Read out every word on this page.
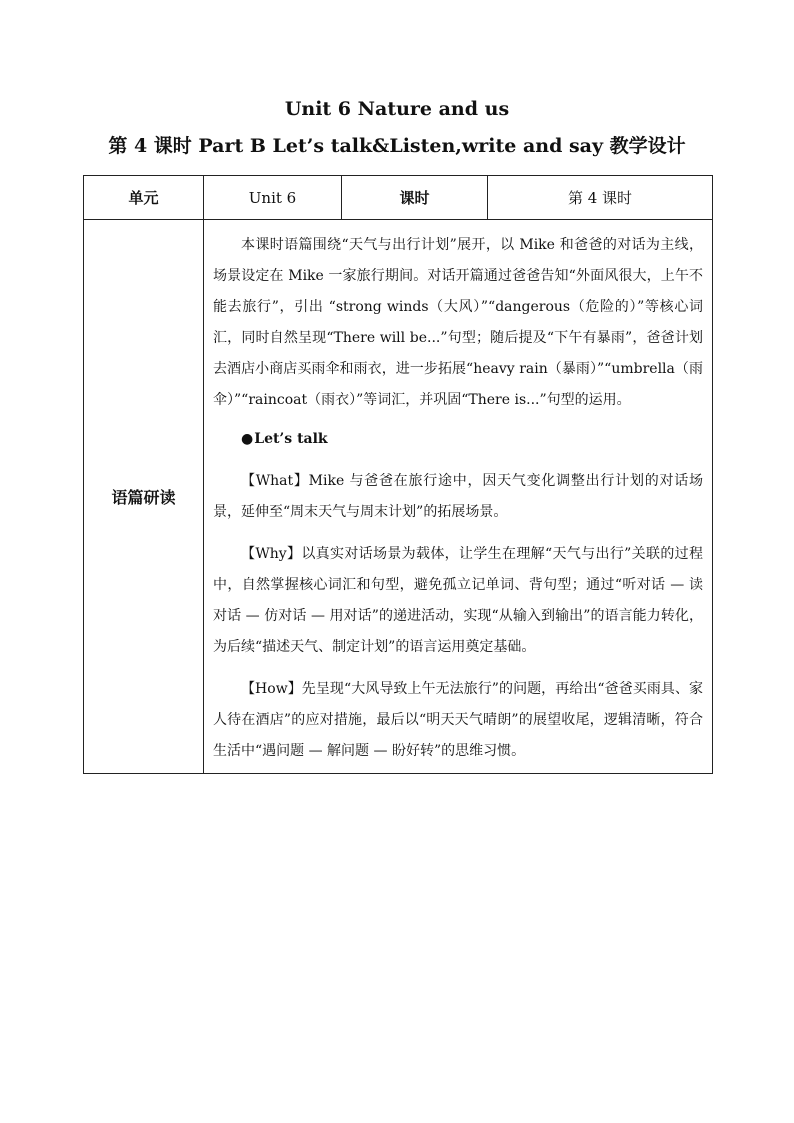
Unit 6 Nature and us
第 4 课时 Part B Let’s talk&Listen,write and say 教学设计
单元	Unit 6	课时	第 4 课时
语篇研读	本课时语篇围绕“天气与出行计划”展开，以 Mike 和爸爸的对话为主线，场景设定在 Mike 一家旅行期间。对话开篇通过爸爸告知“外面风很大，上午不能去旅行”，引出 “strong winds（大风）”“dangerous（危险的）”等核心词汇，同时自然呈现“There will be...”句型；随后提及“下午有暴雨”，爸爸计划去酒店小商店买雨伞和雨衣，进一步拓展“heavy rain（暴雨）”“umbrella（雨伞）”“raincoat（雨衣）”等词汇，并巩固“There is...”句型的运用。

●Let’s talk

【What】Mike 与爸爸在旅行途中，因天气变化调整出行计划的对话场景，延伸至“周末天气与周末计划”的拓展场景。

【Why】以真实对话场景为载体，让学生在理解“天气与出行”关联的过程中，自然掌握核心词汇和句型，避免孤立记单词、背句型；通过“听对话 — 读对话 — 仿对话 — 用对话”的递进活动，实现“从输入到输出”的语言能力转化，为后续“描述天气、制定计划”的语言运用奠定基础。

【How】先呈现“大风导致上午无法旅行”的问题，再给出“爸爸买雨具、家人待在酒店”的应对措施，最后以“明天天气晴朗”的展望收尾，逻辑清晰，符合生活中“遇问题 — 解问题 — 盼好转”的思维习惯。		
